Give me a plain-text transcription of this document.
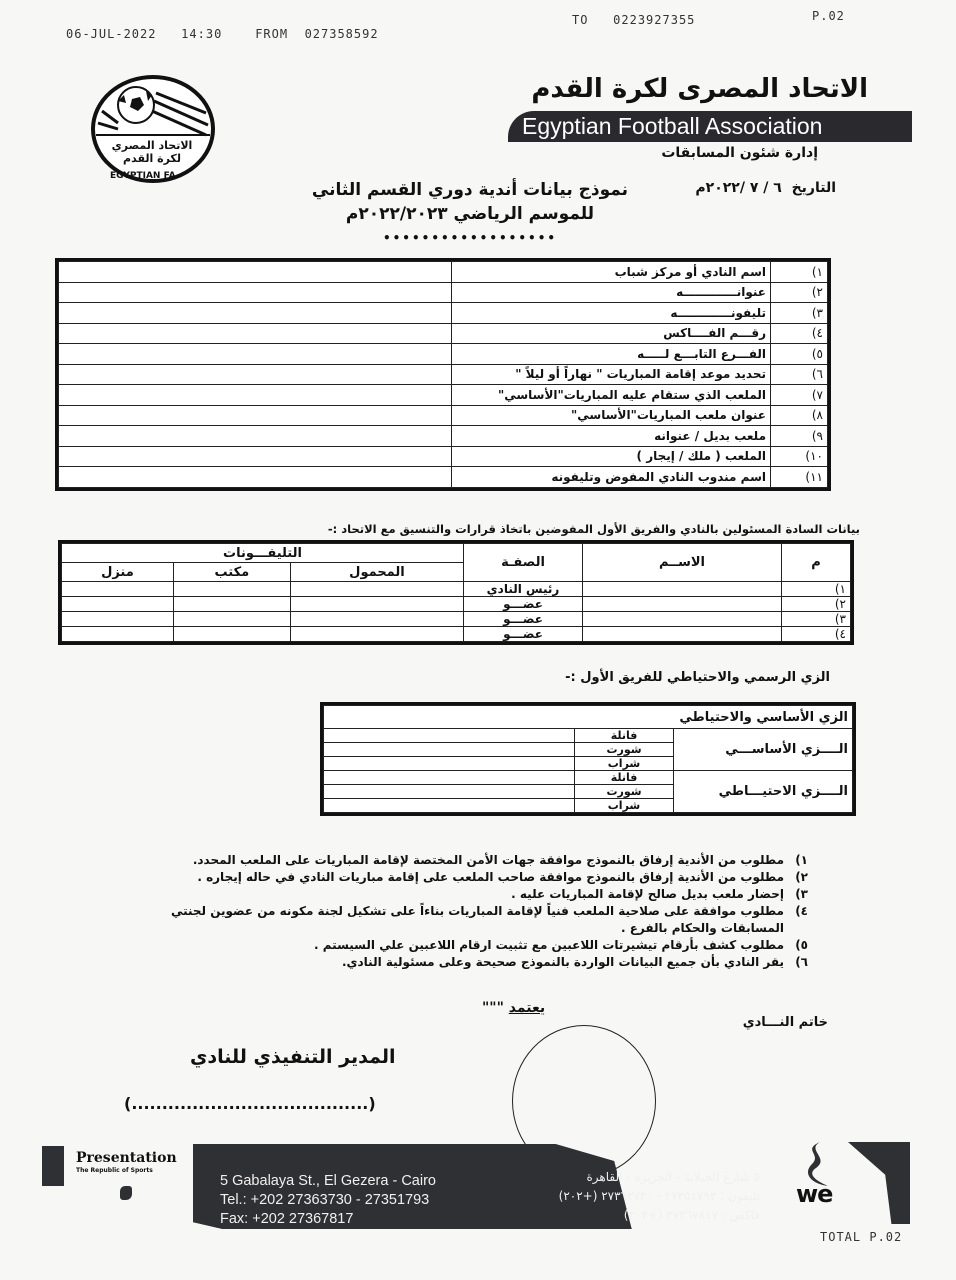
06-JUL-2022 14:30	FROM 027358592
TO 0223927355	P.02
الاتحاد المصري لكرة القدم
EGYPTIAN FA
الاتحاد المصرى لكرة القدم
Egyptian Football Association
إدارة شئون المسابقات
التاريخ  ٦ / ٧ /٢٠٢٢م
نموذج بيانات أندية دوري القسم الثاني
للموسم الرياضي ٢٠٢٢/٢٠٢٣م
••••••••••••••••••
١)	اسم النادي أو مركز شباب	
٢)	عنوانـــــــــــــه	
٣)	تليفونـــــــــــــه	
٤)	رقـــم الفــــاكس	
٥)	الفـــرع التابـــع لـــــه	
٦)	تحديد موعد إقامة المباريات " نهاراً أو ليلاً "	
٧)	الملعب الذي ستقام عليه المباريات"الأساسي"	
٨)	عنوان ملعب المباريات"الأساسي"	
٩)	ملعب بديل / عنوانه	
١٠)	الملعب ( ملك / إيجار )	
١١)	اسم مندوب النادي المفوض وتليفونه	
بيانات السادة المسئولين بالنادي والفريق الأول المفوضين باتخاذ قرارات والتنسيق مع الاتحاد :-
م	الاســم	الصفـة	التليفـــونات		
			المحمول	مكتب	منزل
١)		رئيس النادي			
٢)		عضـــو			
٣)		عضـــو			
٤)		عضـــو			
الزي الرسمي والاحتياطي للفريق الأول :-
الزي الأساسي والاحتياطي		
الــــزي الأساســـي	فانلة	
	شورت	
	شراب	
الــــزي الاحتيـــاطي	فانلة	
	شورت	
	شراب	
١)
مطلوب من الأندية إرفاق بالنموذج موافقة جهات الأمن المختصة لإقامة المباريات على الملعب المحدد.
٢)
مطلوب من الأندية إرفاق بالنموذج موافقة صاحب الملعب على إقامة مباريات النادي في حاله إيجاره .
٣)
إحضار ملعب بديل صالح لإقامة المباريات عليه .
٤)
مطلوب موافقة على صلاحية الملعب فنياً لإقامة المباريات بناءاً على تشكيل لجنة مكونه من عضوين لجنتي المسابقات والحكام بالفرع .
٥)
مطلوب كشف بأرقام تيشيرتات اللاعبين مع تثبيت ارقام اللاعبين علي السيستم .
٦)
يقر النادي بأن جميع البيانات الواردة بالنموذج صحيحة وعلى مسئولية النادي.
يعتمد """
خاتم النـــادي
المدير التنفيذي للنادي
(.......................................)
Presentation
The Republic of Sports
5 Gabalaya St., El Gezera - Cairo
Tel.: +202 27363730 - 27351793
Fax: +202 27367817
٥ شارع الجبلاية - الجزيرة - القاهرة
تليفون : ٢٧٣٥١٧٩٣ - ٢٧٣٦٣٧٣٠ (+٢٠٢)
فاكس : ٢٧٣٦٧٨١٧ (+٢٠٢)
we
TOTAL P.02
